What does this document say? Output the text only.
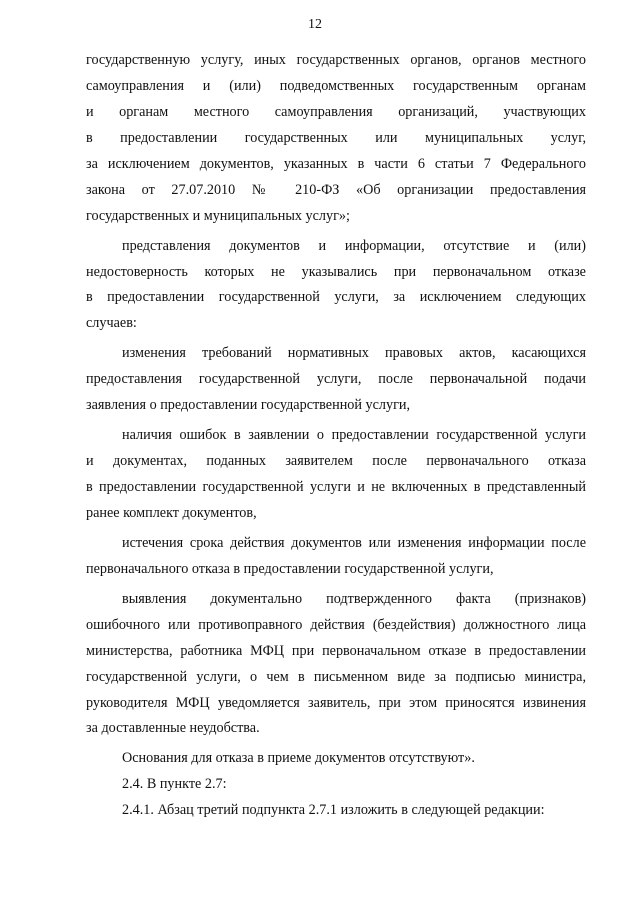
12
государственную услугу, иных государственных органов, органов местного
самоуправления и (или) подведомственных государственным органам
и органам местного самоуправления организаций, участвующих
в предоставлении государственных или муниципальных услуг,
за исключением документов, указанных в части 6 статьи 7 Федерального
закона от 27.07.2010 № 210-ФЗ «Об организации предоставления
государственных и муниципальных услуг»;
представления документов и информации, отсутствие и (или)
недостоверность которых не указывались при первоначальном отказе
в предоставлении государственной услуги, за исключением следующих
случаев:
изменения требований нормативных правовых актов, касающихся
предоставления государственной услуги, после первоначальной подачи
заявления о предоставлении государственной услуги,
наличия ошибок в заявлении о предоставлении государственной услуги
и документах, поданных заявителем после первоначального отказа
в предоставлении государственной услуги и не включенных в представленный
ранее комплект документов,
истечения срока действия документов или изменения информации после
первоначального отказа в предоставлении государственной услуги,
выявления документально подтвержденного факта (признаков)
ошибочного или противоправного действия (бездействия) должностного лица
министерства, работника МФЦ при первоначальном отказе в предоставлении
государственной услуги, о чем в письменном виде за подписью министра,
руководителя МФЦ уведомляется заявитель, при этом приносятся извинения
за доставленные неудобства.
Основания для отказа в приеме документов отсутствуют».
2.4. В пункте 2.7:
2.4.1. Абзац третий подпункта 2.7.1 изложить в следующей редакции:
